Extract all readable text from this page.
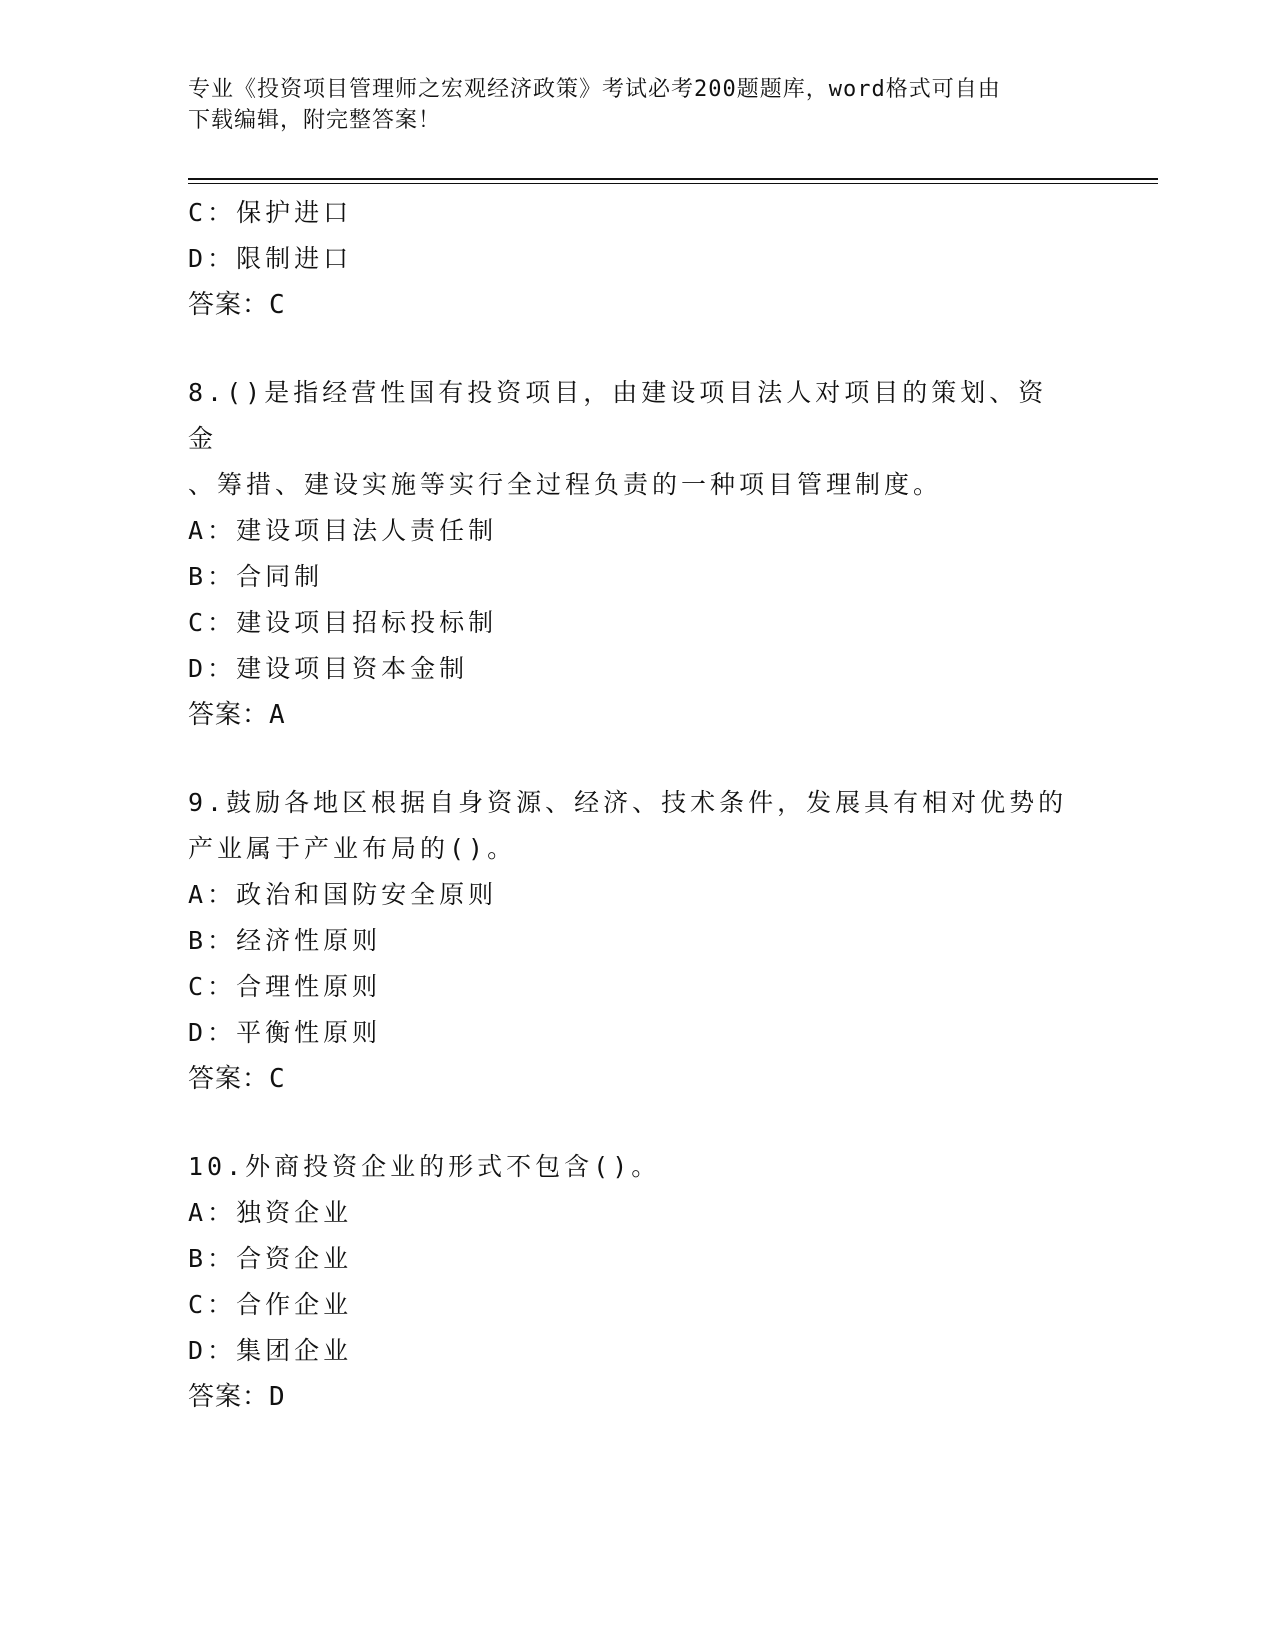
专业《投资项目管理师之宏观经济政策》考试必考200题题库，word格式可自由
下载编辑，附完整答案！
C：保护进口
D：限制进口
答案：C
8.()是指经营性国有投资项目，由建设项目法人对项目的策划、资金
、筹措、建设实施等实行全过程负责的一种项目管理制度。
A：建设项目法人责任制
B：合同制
C：建设项目招标投标制
D：建设项目资本金制
答案：A
9.鼓励各地区根据自身资源、经济、技术条件，发展具有相对优势的
产业属于产业布局的()。
A：政治和国防安全原则
B：经济性原则
C：合理性原则
D：平衡性原则
答案：C
10.外商投资企业的形式不包含()。
A：独资企业
B：合资企业
C：合作企业
D：集团企业
答案：D
